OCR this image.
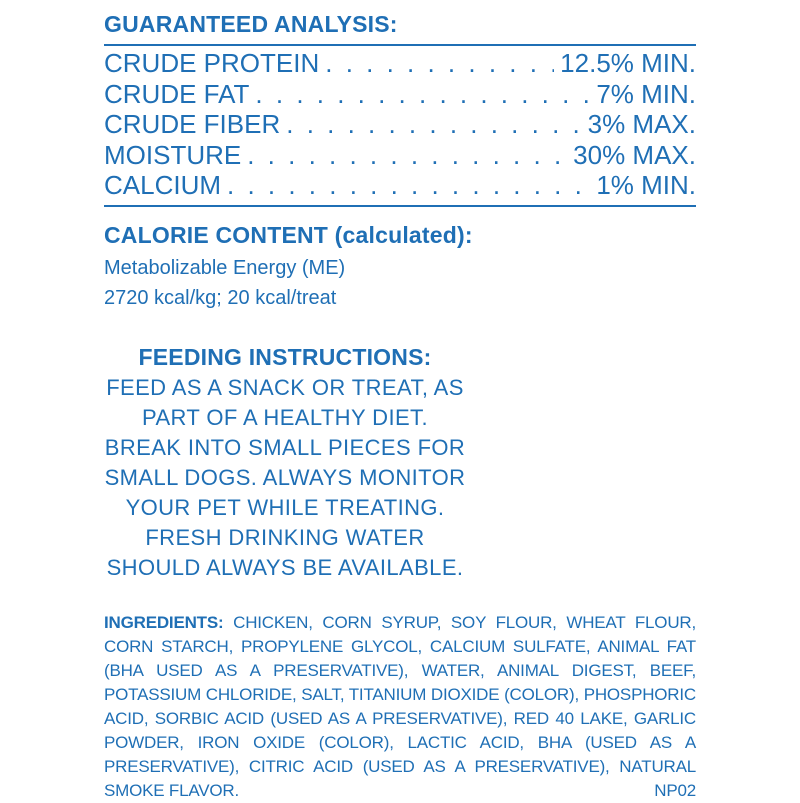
GUARANTEED ANALYSIS:
CRUDE PROTEIN . . .	12.5% MIN.
CRUDE FAT . . .	7% MIN.
CRUDE FIBER . . .	3% MAX.
MOISTURE . . .	30% MAX.
CALCIUM . . .	1% MIN.
CALORIE CONTENT (calculated):

Metabolizable Energy (ME)

2720 kcal/kg; 20 kcal/treat

FEEDING INSTRUCTIONS:

FEED AS A SNACK OR TREAT, AS PART OF A HEALTHY DIET. BREAK INTO SMALL PIECES FOR SMALL DOGS. ALWAYS MONITOR YOUR PET WHILE TREATING. FRESH DRINKING WATER SHOULD ALWAYS BE AVAILABLE.

INGREDIENTS: CHICKEN, CORN SYRUP, SOY FLOUR, WHEAT FLOUR, CORN STARCH, PROPYLENE GLYCOL, CALCIUM SULFATE, ANIMAL FAT (BHA USED AS A PRESERVATIVE), WATER, ANIMAL DIGEST, BEEF, POTASSIUM CHLORIDE, SALT, TITANIUM DIOXIDE (COLOR), PHOSPHORIC ACID, SORBIC ACID (USED AS A PRESERVATIVE), RED 40 LAKE, GARLIC POWDER, IRON OXIDE (COLOR), LACTIC ACID, BHA (USED AS A PRESERVATIVE), CITRIC ACID (USED AS A PRESERVATIVE), NATURAL SMOKE FLAVOR.	NP02
